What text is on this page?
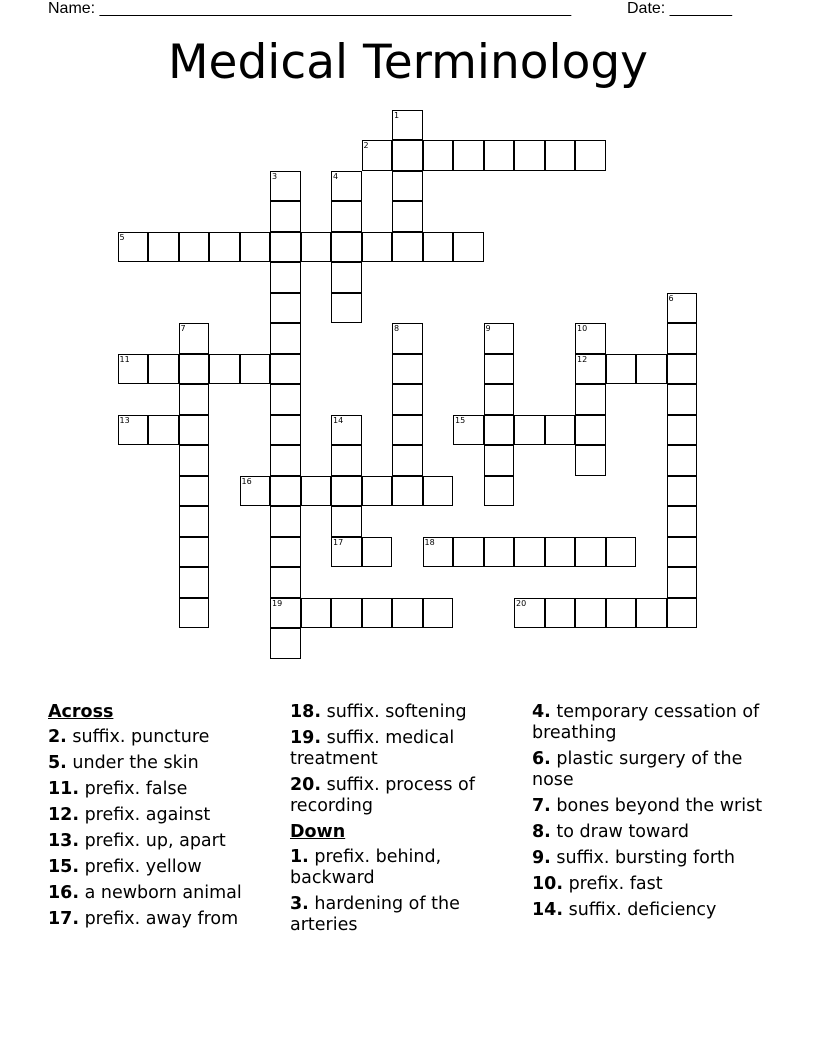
Name: _____________________________________________________	Date: _______
Medical Terminology
2
5
11	12
13	15
16
17	18
19	20
1
3	4
6
7	8	9	10
14
Across
2. suffix. puncture
5. under the skin
11. prefix. false
12. prefix. against
13. prefix. up, apart
15. prefix. yellow
16. a newborn animal
17. prefix. away from
18. suffix. softening
19. suffix. medical treatment
20. suffix. process of recording
Down
1. prefix. behind, backward
3. hardening of the arteries
4. temporary cessation of breathing
6. plastic surgery of the nose
7. bones beyond the wrist
8. to draw toward
9. suffix. bursting forth
10. prefix. fast
14. suffix. deficiency
